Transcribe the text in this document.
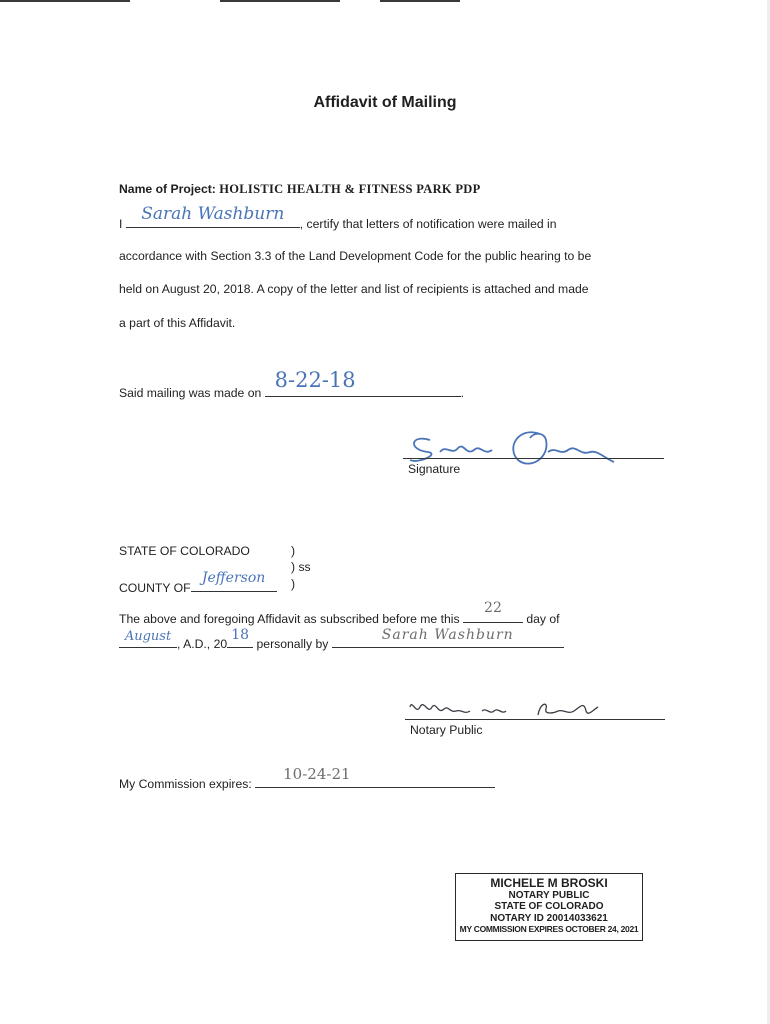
Affidavit of Mailing
Name of Project: HOLISTIC HEALTH & FITNESS PARK PDP
I	Sarah Washburn	, certify that letters of notification were mailed in
accordance with Section 3.3 of the Land Development Code for the public hearing to be
held on August 20, 2018. A copy of the letter and list of recipients is attached and made
a part of this Affidavit.
Said mailing was made on
8-22-18
.
Signature
STATE OF COLORADO	)
) ss
COUNTY OF
Jefferson	)
The above and foregoing Affidavit as subscribed before me this
22
day of
August , A.D., 20
18
personally by
Sarah Washburn
Notary Public
My Commission expires:
10-24-21
MICHELE M BROSKI
NOTARY PUBLIC
STATE OF COLORADO
NOTARY ID 20014033621
MY COMMISSION EXPIRES OCTOBER 24, 2021
